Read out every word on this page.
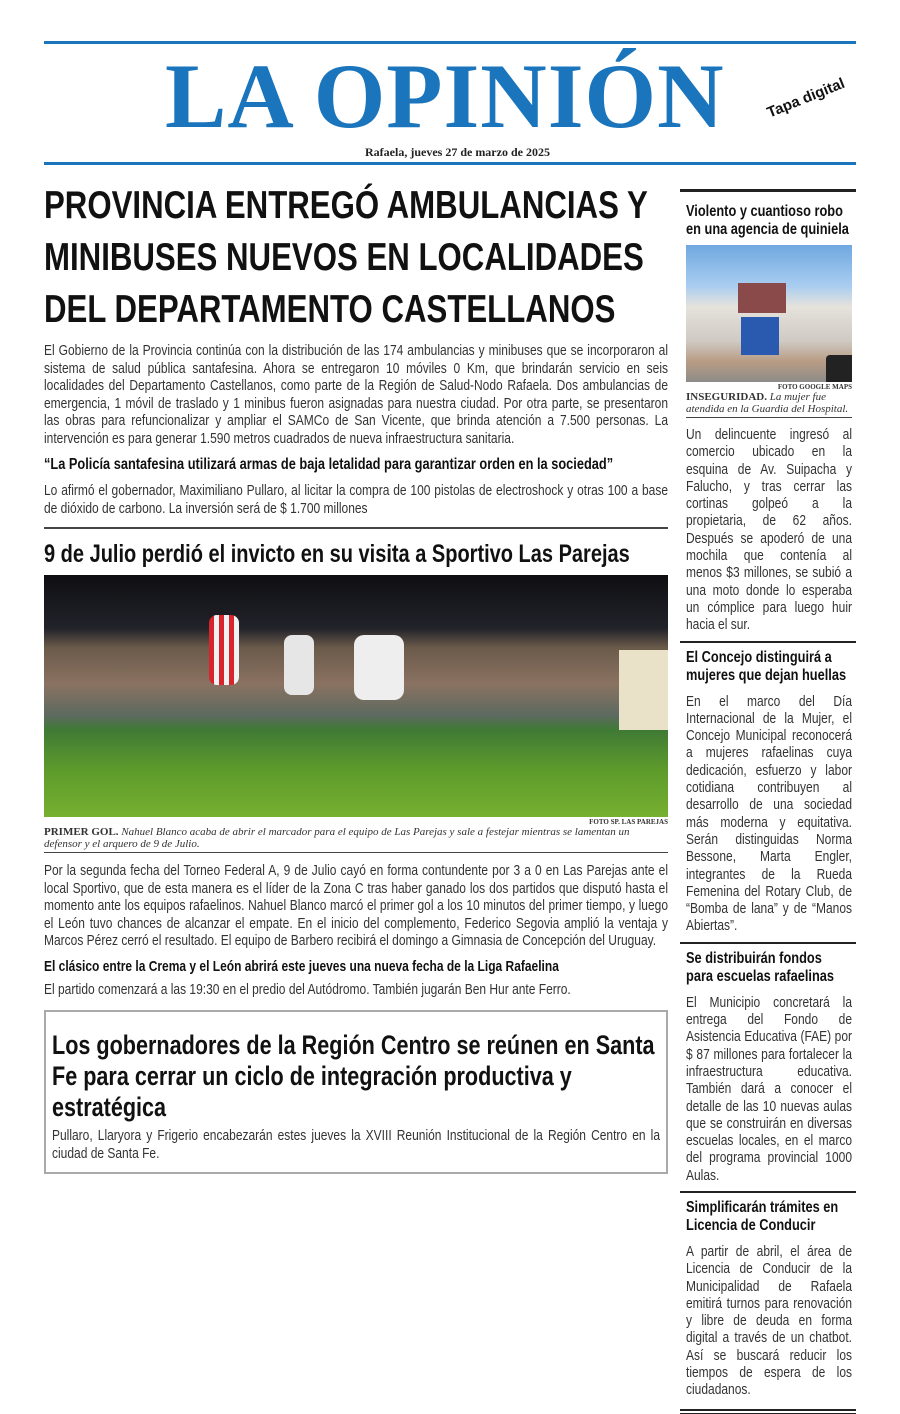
LA OPINIÓN	Tapa digital
Rafaela, jueves 27 de marzo de 2025
PROVINCIA ENTREGÓ AMBULANCIAS Y MINIBUSES NUEVOS EN LOCALIDADES DEL DEPARTAMENTO CASTELLANOS

El Gobierno de la Provincia continúa con la distribución de las 174 ambulancias y minibuses que se incorporaron al sistema de salud pública santafesina. Ahora se entregaron 10 móviles 0 Km, que brindarán servicio en seis localidades del Departamento Castellanos, como parte de la Región de Salud-Nodo Rafaela. Dos ambulancias de emergencia, 1 móvil de traslado y 1 minibus fueron asignadas para nuestra ciudad. Por otra parte, se presentaron las obras para refuncionalizar y ampliar el SAMCo de San Vicente, que brinda atención a 7.500 personas. La intervención es para generar 1.590 metros cuadrados de nueva infraestructura sanitaria.

“La Policía santafesina utilizará armas de baja letalidad para garantizar orden en la sociedad”

Lo afirmó el gobernador, Maximiliano Pullaro, al licitar la compra de 100 pistolas de electroshock y otras 100 a base de dióxido de carbono. La inversión será de $ 1.700 millones

9 de Julio perdió el invicto en su visita a Sportivo Las Parejas
FOTO SP. LAS PAREJAS
PRIMER GOL. Nahuel Blanco acaba de abrir el marcador para el equipo de Las Parejas y sale a festejar mientras se lamentan un defensor y el arquero de 9 de Julio.

Por la segunda fecha del Torneo Federal A, 9 de Julio cayó en forma contundente por 3 a 0 en Las Parejas ante el local Sportivo, que de esta manera es el líder de la Zona C tras haber ganado los dos partidos que disputó hasta el momento ante los equipos rafaelinos. Nahuel Blanco marcó el primer gol a los 10 minutos del primer tiempo, y luego el León tuvo chances de alcanzar el empate. En el inicio del complemento, Federico Segovia amplió la ventaja y Marcos Pérez cerró el resultado. El equipo de Barbero recibirá el domingo a Gimnasia de Concepción del Uruguay.

El clásico entre la Crema y el León abrirá este jueves una nueva fecha de la Liga Rafaelina

El partido comenzará a las 19:30 en el predio del Autódromo. También jugarán Ben Hur ante Ferro.

Los gobernadores de la Región Centro se reúnen en Santa Fe para cerrar un ciclo de integración productiva y estratégica

Pullaro, Llaryora y Frigerio encabezarán estes jueves la XVIII Reunión Institucional de la Región Centro en la ciudad de Santa Fe.

Violento y cuantioso robo en una agencia de quiniela
FOTO GOOGLE MAPS
INSEGURIDAD. La mujer fue atendida en la Guardia del Hospital.

Un delincuente ingresó al comercio ubicado en la esquina de Av. Suipacha y Falucho, y tras cerrar las cortinas golpeó a la propietaria, de 62 años. Después se apoderó de una mochila que contenía al menos $3 millones, se subió a una moto donde lo esperaba un cómplice para luego huir hacia el sur.

El Concejo distinguirá a mujeres que dejan huellas

En el marco del Día Internacional de la Mujer, el Concejo Municipal reconocerá a mujeres rafaelinas cuya dedicación, esfuerzo y labor cotidiana contribuyen al desarrollo de una sociedad más moderna y equitativa. Serán distinguidas Norma Bessone, Marta Engler, integrantes de la Rueda Femenina del Rotary Club, de “Bomba de lana” y de “Manos Abiertas”.

Se distribuirán fondos para escuelas rafaelinas

El Municipio concretará la entrega del Fondo de Asistencia Educativa (FAE) por $ 87 millones para fortalecer la infraestructura educativa. También dará a conocer el detalle de las 10 nuevas aulas que se construirán en diversas escuelas locales, en el marco del programa provincial 1000 Aulas.

Simplificarán trámites en Licencia de Conducir

A partir de abril, el área de Licencia de Conducir de la Municipalidad de Rafaela emitirá turnos para renovación y libre de deuda en forma digital a través de un chatbot. Así se buscará reducir los tiempos de espera de los ciudadanos.
